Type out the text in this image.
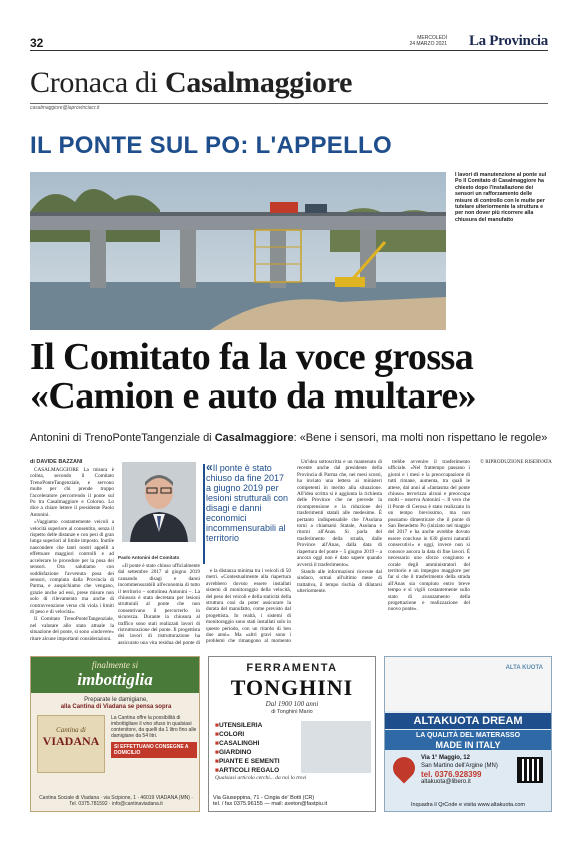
32	MERCOLEDÌ
24 MARZO 2021 La Provincia
Cronaca di Casalmaggiore
casalmaggiore@laprovinciacr.it
IL PONTE SUL PO: L'APPELLO
I lavori di manutenzione al ponte sul Po Il Comitato di Casalmaggiore ha chiesto dopo l'installazione dei sensori un rafforzamento delle misure di controllo con le multe per tutelare ulteriormente la struttura e per non dover più ricorrere alla chiusura del manufatto
Il Comitato fa la voce grossa
«Camion e auto da multare»
Antonini di TrenoPonteTangenziale di Casalmaggiore: «Bene i sensori, ma molti non rispettano le regole»
di DAVIDE BAZZANI

CASALMAGGIORE La misura è colma, secondo il Comitato TrenoPonteTangenziale, e servono multe per chi prende troppo l'acceleratore percorrendo il ponte sul Po tra Casalmaggiore e Colorno. Lo dice a chiare lettere il presidente Paolo Antonini.

«Vaggiamo costantemente veicoli a velocità superiore al consentito, senza il rispetto delle distanze e con pesi di gran lunga superiori al limite imposto. Inutile nascondere che tanti nostri appelli a effettuare maggiori controlli e ad accelerare le procedure per la posa dei sensori. Ora salutiamo con soddisfazione l'avvenuta posa dei sensori, compiuta dalla Provincia di Parma, e auspichiamo che vengano, grazie anche ad essi, prese misure non solo di rilevamento ma anche di contravvenzione verso chi viola i limiti di peso e di velocità».

Il Comitato TrenoPonteTangenziale, nel valutare allo stato attuale la situazione del ponte, si sono «indovere» ritare alcune importanti considerazioni.

Paolo Antonini del Comitato

«Il ponte è stato chiuso ufficialmente dal settembre 2017 al giugno 2019 causando disagi e danni incommensurabili all'economia di tutto il territorio – sottolinea Antonini –. La chiusura è stata decretata per lesioni strutturali al ponte che non consentivano il percorrerlo in sicurezza. Durante la chiusura al traffico sono stati realizzati lavori di ristrutturazione del ponte. Il progettista dei lavori di ristrutturazione ha assicurato una vita residua del ponte di

«Il ponte è stato chiuso da fine 2017 a giugno 2019 per lesioni strutturali con disagi e danni economici incommensurabili al territorio

e la distanza minima tra i veicoli di 50 metri. «Contestualmente alla riapertura avrebbero dovuto essere installati sistemi di monitoraggio della velocità, del peso dei veicoli e della staticità della struttura così da poter assicurare la durata del manufatto, come previsto dal progettista. In realtà, i sistemi di monitoraggio sono stati installati solo in questo periodo, con un ritardo di ben due anni». Ma «altri gravi sono i problemi che rimangono al momento

Un'idea sottoscritta e un mantenuto di recente anche dal presidente della Provincia di Parma che, nei mesi scorsi, ha inviato una lettera ai ministeri competenti in merito alla situazione. All'idea scritta si è aggiunta la richiesta delle Province che ne prevede la ricomprensione e la riduzione dei trasferimenti statali alle medesime. È pertanto indispensabile che l'Asolana torni a chiamarsi Statale, Asolana e ritorni all'Anas. Si parla del trasferimento della strada, dalle Province all'Anas, dalla data di riapertura del ponte – 5 giugno 2019 – a ancora oggi non è dato sapere quando avverrà il trasferimento».

Stando alle informazioni ricevute dal sindaco, ormai all'ultimo mese di trattativa, il tempo rischia di dilatarsi ulteriormente.

trebbe avvenire il trasferimento ufficiale. «Nel frattempo passano i giorni e i mesi e la preoccupazione di tutti rimane, aumenta, tra quali le attese, dai anni al «fantasma del ponte chiuso» terrorizza alcuni e preoccupa molti – osserva Antonini –. Il vero che il Ponte di Gerosa è stato realizzato in un tempo brevissimo, ma non possiamo dimenticare che il ponte di San Benedetto Po (iniziato nel maggio del 2017 e ha anche avrebbe dovuto essere concluso in 630 giorni naturali consecutivi» e oggi, invece non si conosce ancora la data di fine lavori. È necessario uno sforzo congiunto e corale degli amministratori del territorio e un impegno maggiore per far sì che il trasferimento della strada all'Anas sia compiuto entro breve tempo e si vigili costantemente sullo stato di avanzamento della progettazione e realizzazione del nuovo ponte».

© RIPRODUZIONE RISERVATA

finalmente si
imbottiglia
Preparate le damigiane,
alla Cantina di Viadana se pensa sopra
Cantina di
VIADANA
La Cantina offre la possibilità di imbottigliare il vino sfuso in qualsiasi contenitore, da quelli da 1 litro fino alle damigiane da 54 litri.
SI EFFETTUANO CONSEGNE A DOMICILIO
Cantina Sociale di Viadana · via Scipione, 1 · 46019 VIADANA (MN) · Tel. 0375.781592 · info@cantinaviadana.it
FERRAMENTA
TONGHINI
Dal 1900 100 anni
di Tonghini Mario
■ UTENSILERIA
■ COLORI
■ CASALINGHI
■ GIARDINO
■ PIANTE E SEMENTI
■ ARTICOLI REGALO
Qualsiasi articolo cerchi... da noi lo trovi
Via Giuseppina, 71 - Cingia de' Botti (CR)
tel. / fax 0375.96155 — mail: aveton@fastpiu.it
ALTA KUOTA
ALTAKUOTA DREAM
LA QUALITÀ DEL MATERASSO
MADE IN ITALY
Via 1° Maggio, 12
San Martino dell'Argine (MN)
tel. 0376.928399
altakuota@libero.it
Inquadra il QrCode e visita www.altakuota.com
